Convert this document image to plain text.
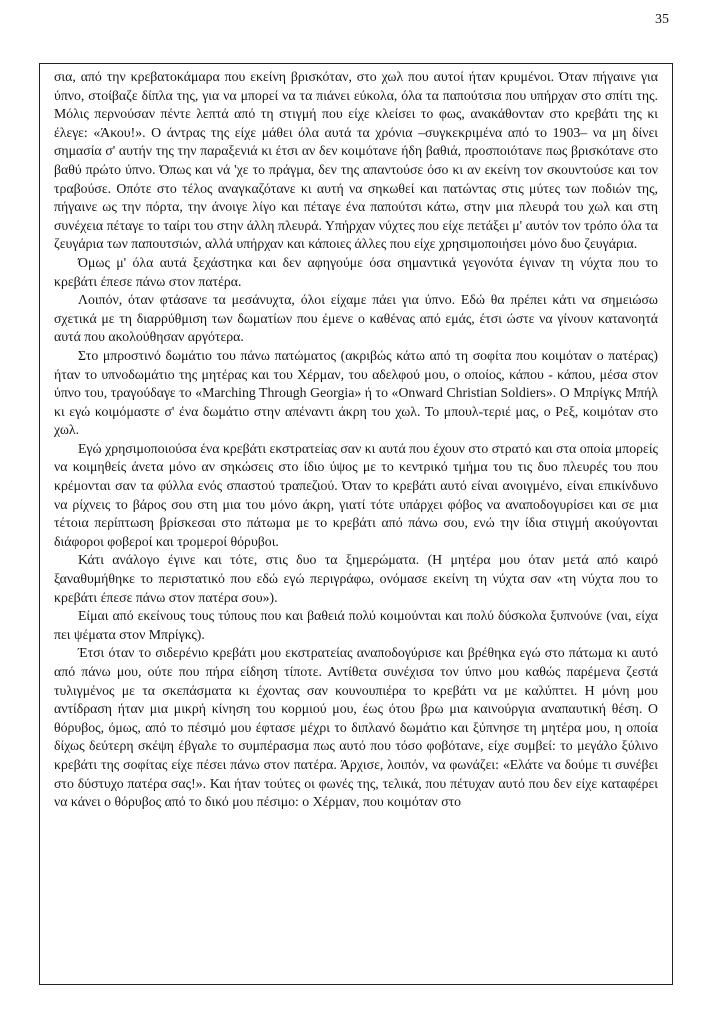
35

σια, από την κρεβατοκάμαρα που εκείνη βρισκόταν, στο χωλ που αυτοί ήταν κρυμένοι. Όταν πήγαινε για ύπνο, στοίβαζε δίπλα της, για να μπορεί να τα πιάνει εύκολα, όλα τα παπούτσια που υπήρχαν στο σπίτι της. Μόλις περνούσαν πέντε λεπτά από τη στιγμή που είχε κλείσει το φως, ανακάθονταν στο κρεβάτι της κι έλεγε: «Άκου!». Ο άντρας της είχε μάθει όλα αυτά τα χρόνια –συγκεκριμένα από το 1903– να μη δίνει σημασία σ' αυτήν της την παραξενιά κι έτσι αν δεν κοιμότανε ήδη βαθιά, προσποιότανε πως βρισκότανε στο βαθύ πρώτο ύπνο. Όπως και νά 'χε το πράγμα, δεν της απαντούσε όσο κι αν εκείνη τον σκουντούσε και τον τραβούσε. Οπότε στο τέλος αναγκαζότανε κι αυτή να σηκωθεί και πατώντας στις μύτες των ποδιών της, πήγαινε ως την πόρτα, την άνοιγε λίγο και πέταγε ένα παπούτσι κάτω, στην μια πλευρά του χωλ και στη συνέχεια πέταγε το ταίρι του στην άλλη πλευρά. Υπήρχαν νύχτες που είχε πετάξει μ' αυτόν τον τρόπο όλα τα ζευγάρια των παπουτσιών, αλλά υπήρχαν και κάποιες άλλες που είχε χρησιμοποιήσει μόνο δυο ζευγάρια.

Όμως μ' όλα αυτά ξεχάστηκα και δεν αφηγούμε όσα σημαντικά γεγονότα έγιναν τη νύχτα που το κρεβάτι έπεσε πάνω στον πατέρα.

Λοιπόν, όταν φτάσανε τα μεσάνυχτα, όλοι είχαμε πάει για ύπνο. Εδώ θα πρέπει κάτι να σημειώσω σχετικά με τη διαρρύθμιση των δωματίων που έμενε ο καθένας από εμάς, έτσι ώστε να γίνουν κατανοητά αυτά που ακολούθησαν αργότερα.

Στο μπροστινό δωμάτιο του πάνω πατώματος (ακριβώς κάτω από τη σοφίτα που κοιμόταν ο πατέρας) ήταν το υπνοδωμάτιο της μητέρας και του Χέρμαν, του αδελφού μου, ο οποίος, κάπου - κάπου, μέσα στον ύπνο του, τραγούδαγε το «Marching Through Georgia» ή το «Onward Christian Soldiers». Ο Μπρίγκς Μπήλ κι εγώ κοιμόμαστε σ' ένα δωμάτιο στην απέναντι άκρη του χωλ. Το μπουλ-τεριέ μας, ο Ρεξ, κοιμόταν στο χωλ.

Εγώ χρησιμοποιούσα ένα κρεβάτι εκστρατείας σαν κι αυτά που έχουν στο στρατό και στα οποία μπορείς να κοιμηθείς άνετα μόνο αν σηκώσεις στο ίδιο ύψος με το κεντρικό τμήμα του τις δυο πλευρές του που κρέμονται σαν τα φύλλα ενός σπαστού τραπεζιού. Όταν το κρεβάτι αυτό είναι ανοιγμένο, είναι επικίνδυνο να ρίχνεις το βάρος σου στη μια του μόνο άκρη, γιατί τότε υπάρχει φόβος να αναποδογυρίσει και σε μια τέτοια περίπτωση βρίσκεσαι στο πάτωμα με το κρεβάτι από πάνω σου, ενώ την ίδια στιγμή ακούγονται διάφοροι φοβεροί και τρομεροί θόρυβοι.

Κάτι ανάλογο έγινε και τότε, στις δυο τα ξημερώματα. (Η μητέρα μου όταν μετά από καιρό ξαναθυμήθηκε το περιστατικό που εδώ εγώ περιγράφω, ονόμασε εκείνη τη νύχτα σαν «τη νύχτα που το κρεβάτι έπεσε πάνω στον πατέρα σου»).

Είμαι από εκείνους τους τύπους που και βαθειά πολύ κοιμούνται και πολύ δύσκολα ξυπνούνε (ναι, είχα πει ψέματα στον Μπρίγκς).

Έτσι όταν το σιδερένιο κρεβάτι μου εκστρατείας αναποδογύρισε και βρέθηκα εγώ στο πάτωμα κι αυτό από πάνω μου, ούτε που πήρα είδηση τίποτε. Αντίθετα συνέχισα τον ύπνο μου καθώς παρέμενα ζεστά τυλιγμένος με τα σκεπάσματα κι έχοντας σαν κουνουπιέρα το κρεβάτι να με καλύπτει. Η μόνη μου αντίδραση ήταν μια μικρή κίνηση του κορμιού μου, έως ότου βρω μια καινούργια αναπαυτική θέση. Ο θόρυβος, όμως, από το πέσιμό μου έφτασε μέχρι το διπλανό δωμάτιο και ξύπνησε τη μητέρα μου, η οποία δίχως δεύτερη σκέψη έβγαλε το συμπέρασμα πως αυτό που τόσο φοβότανε, είχε συμβεί: το μεγάλο ξύλινο κρεβάτι της σοφίτας είχε πέσει πάνω στον πατέρα. Άρχισε, λοιπόν, να φωνάζει: «Ελάτε να δούμε τι συνέβει στο δύστυχο πατέρα σας!». Και ήταν τούτες οι φωνές της, τελικά, που πέτυχαν αυτό που δεν είχε καταφέρει να κάνει ο θόρυβος από το δικό μου πέσιμο: ο Χέρμαν, που κοιμόταν στο
